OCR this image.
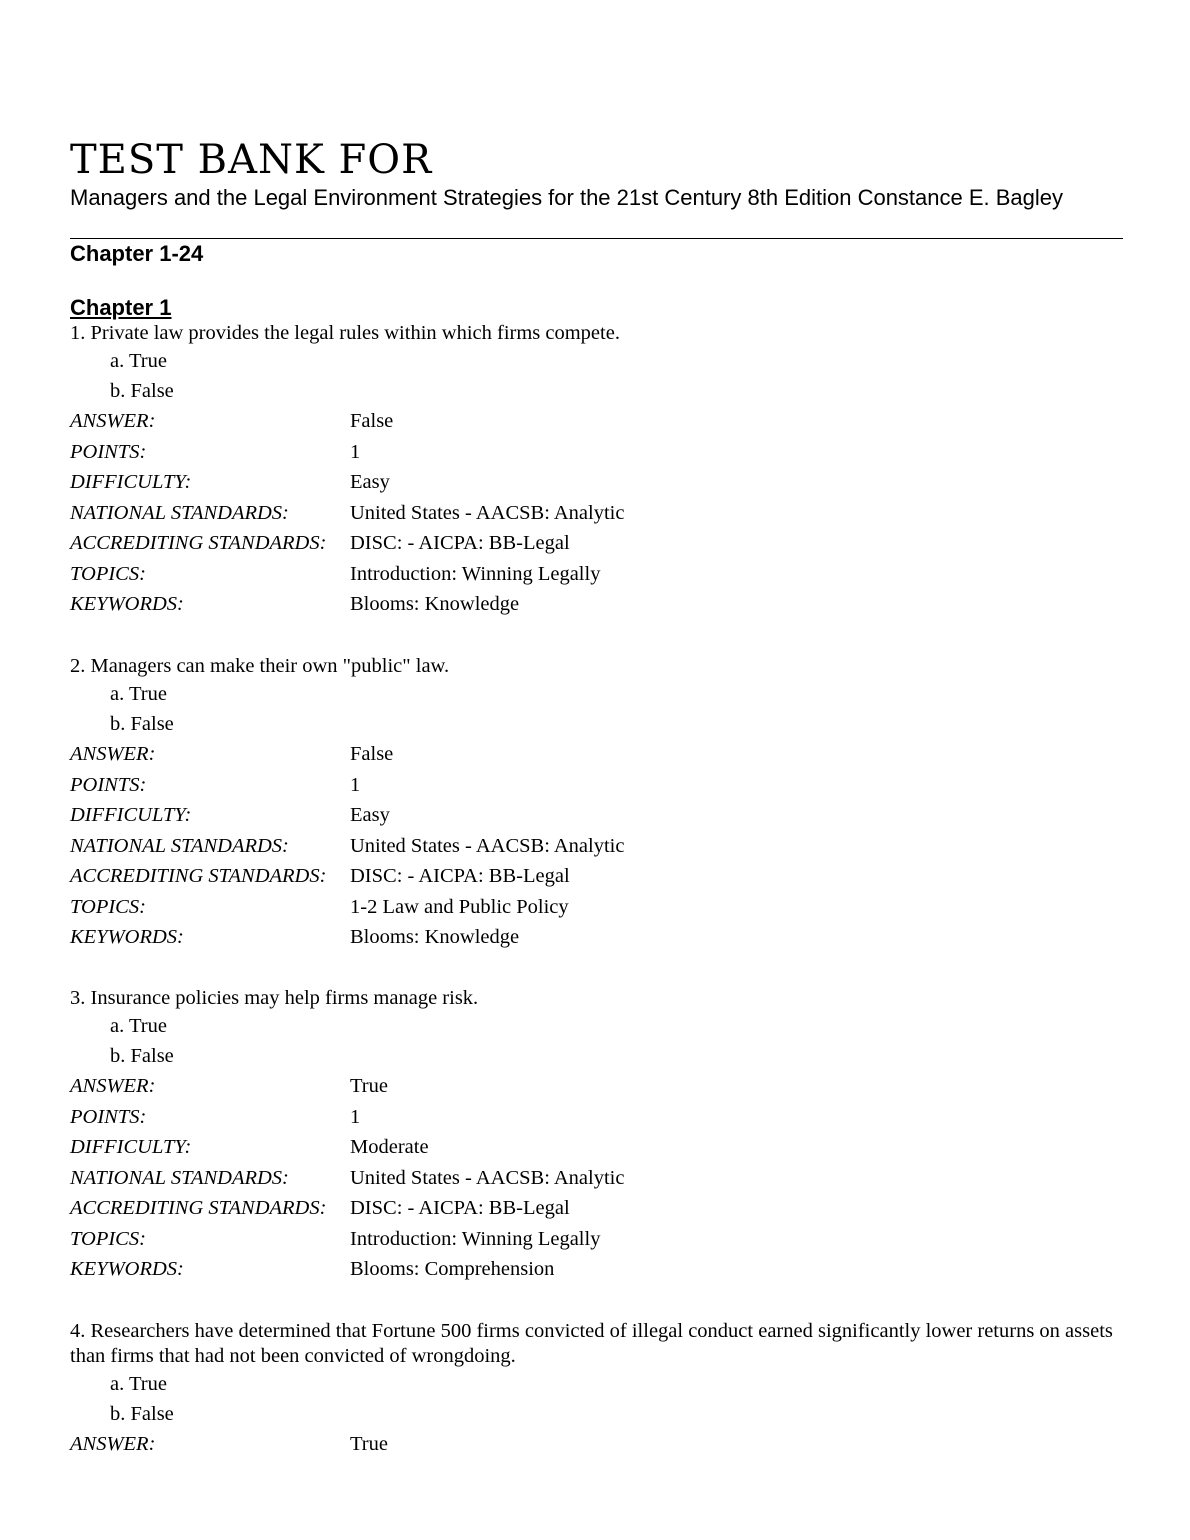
TEST BANK FOR
Managers and the Legal Environment Strategies for the 21st Century 8th Edition Constance E. Bagley
Chapter 1-24
Chapter 1

1. Private law provides the legal rules within which firms compete.

a. True

b. False

ANSWER:	False
POINTS:	1
DIFFICULTY:	Easy
NATIONAL STANDARDS:	United States - AACSB: Analytic
ACCREDITING STANDARDS:	DISC: - AICPA: BB-Legal
TOPICS:	Introduction: Winning Legally
KEYWORDS:	Blooms: Knowledge

2. Managers can make their own "public" law.

a. True

b. False

ANSWER:	False
POINTS:	1
DIFFICULTY:	Easy
NATIONAL STANDARDS:	United States - AACSB: Analytic
ACCREDITING STANDARDS:	DISC: - AICPA: BB-Legal
TOPICS:	1-2 Law and Public Policy
KEYWORDS:	Blooms: Knowledge

3. Insurance policies may help firms manage risk.

a. True

b. False

ANSWER:	True
POINTS:	1
DIFFICULTY:	Moderate
NATIONAL STANDARDS:	United States - AACSB: Analytic
ACCREDITING STANDARDS:	DISC: - AICPA: BB-Legal
TOPICS:	Introduction: Winning Legally
KEYWORDS:	Blooms: Comprehension

4. Researchers have determined that Fortune 500 firms convicted of illegal conduct earned significantly lower returns on assets than firms that had not been convicted of wrongdoing.

a. True

b. False

ANSWER:	True
